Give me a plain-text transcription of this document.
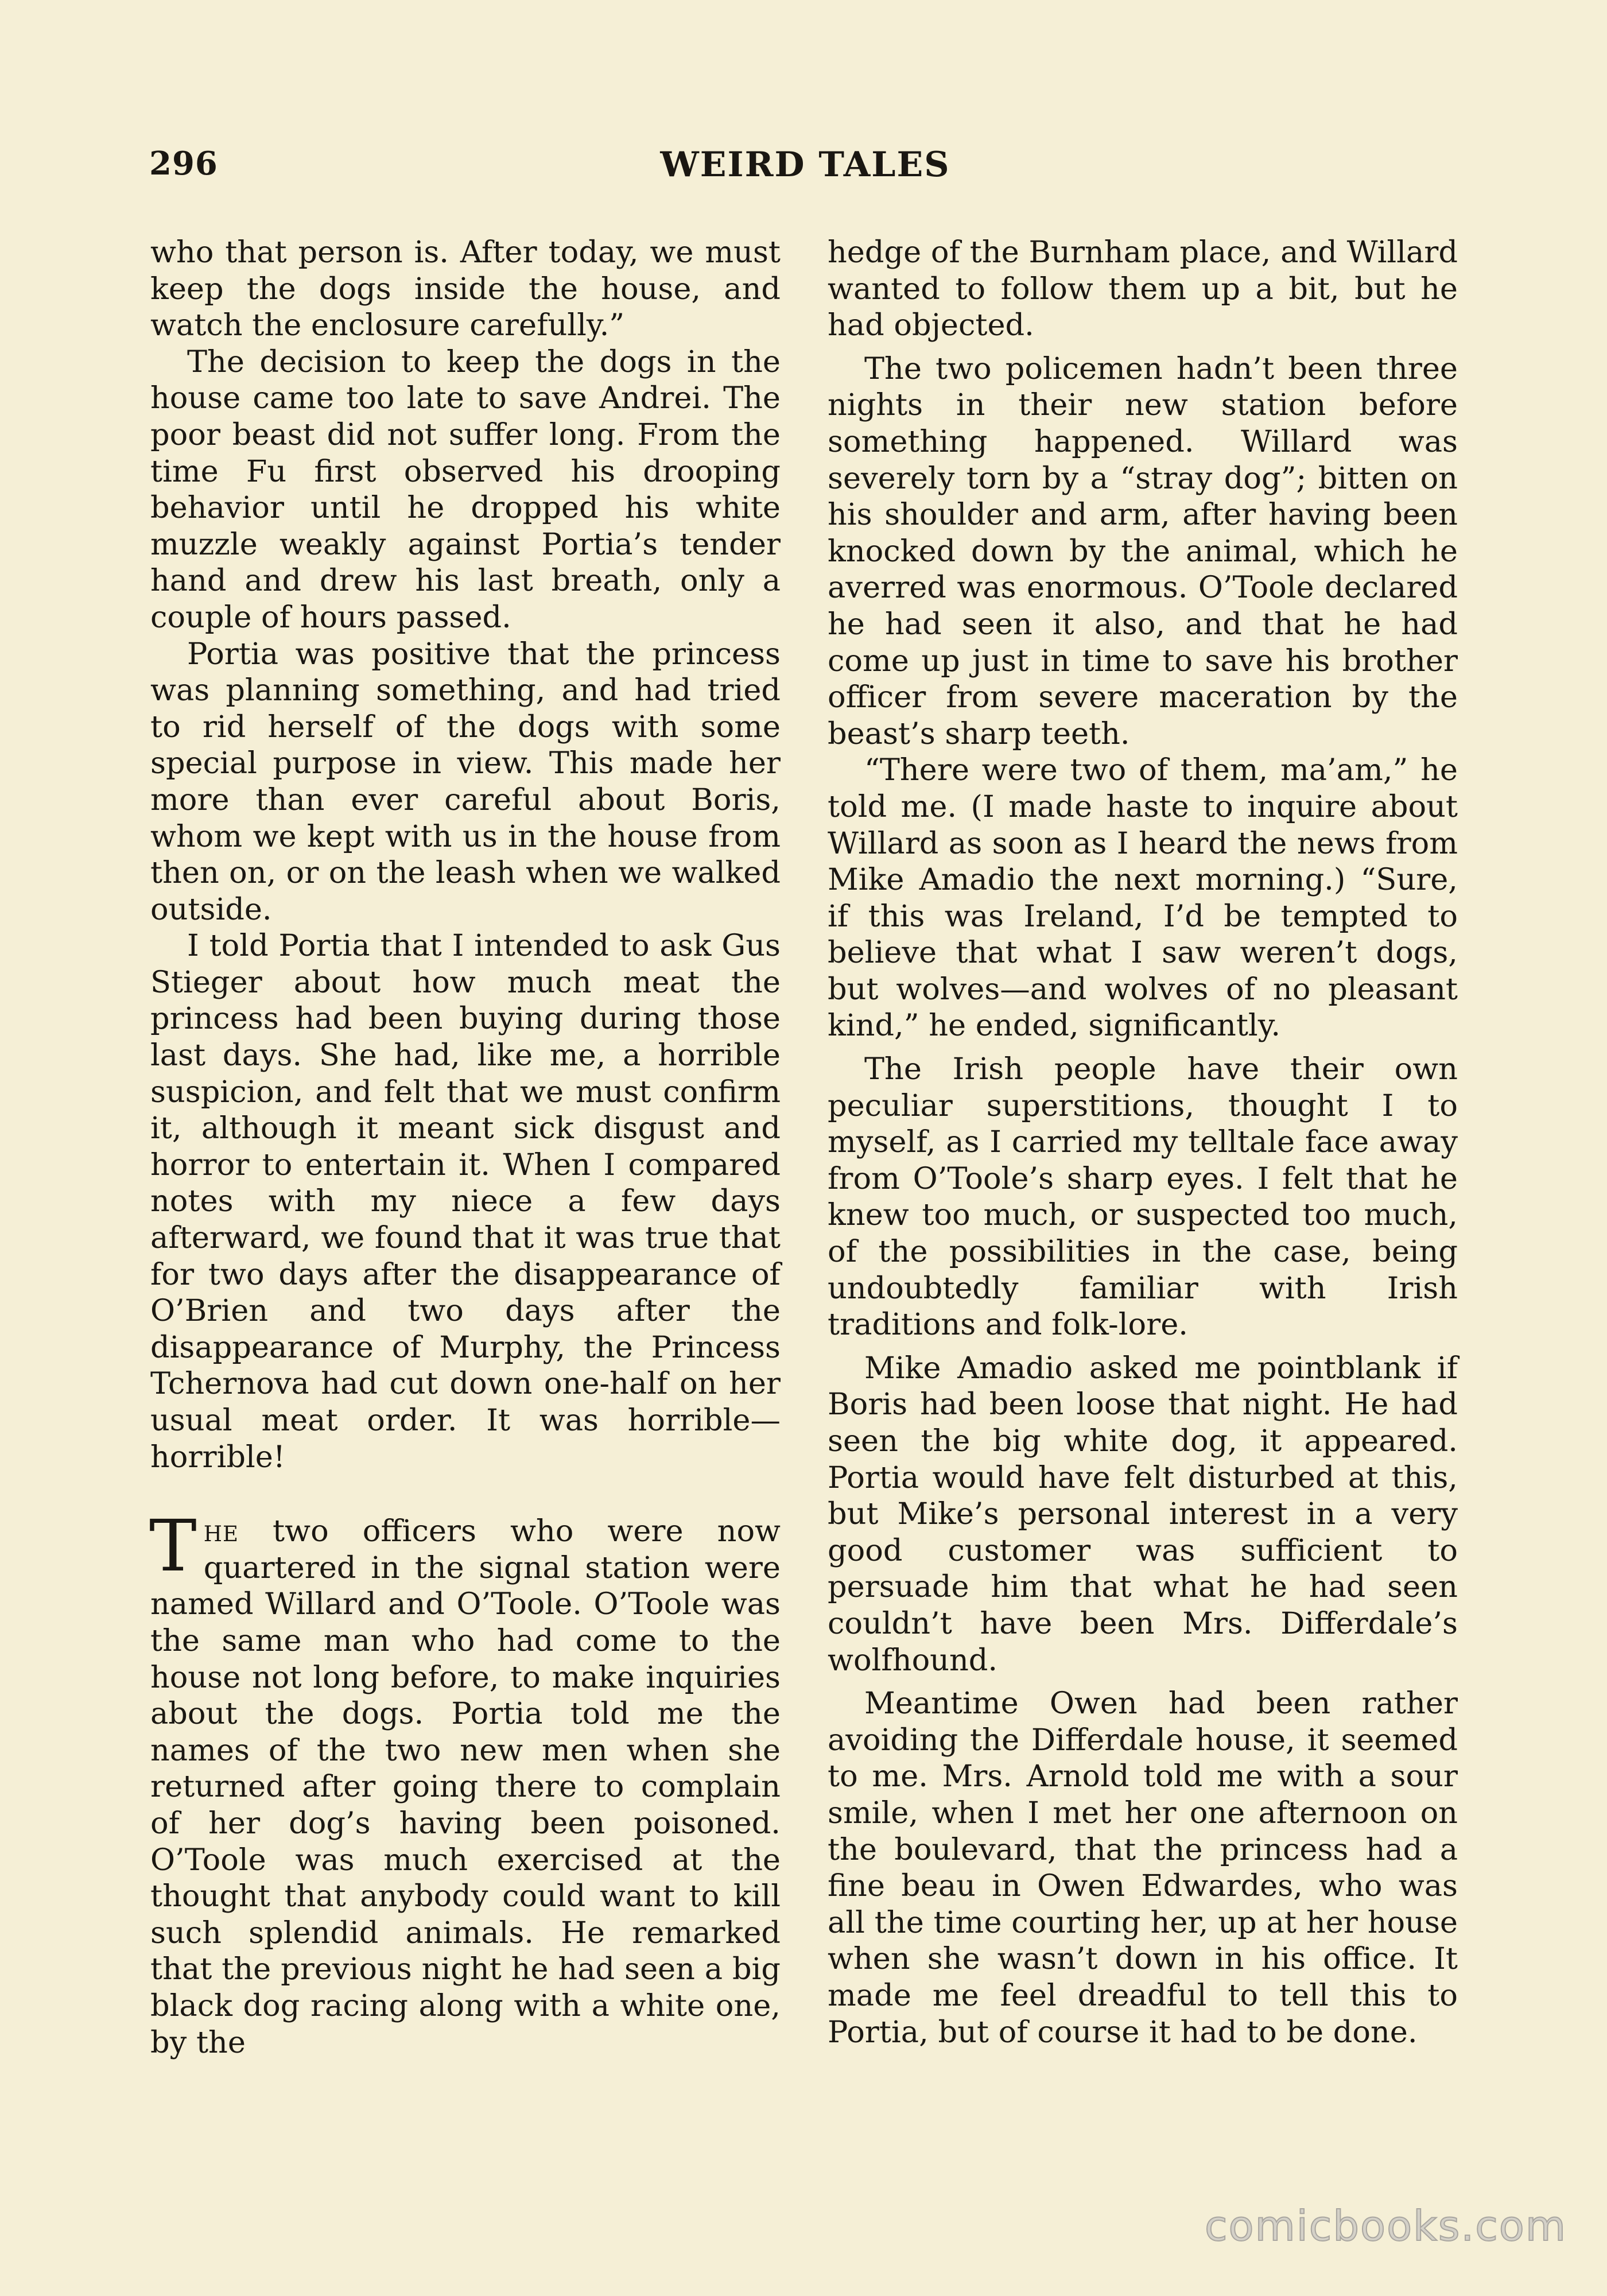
296	WEIRD TALES

who that person is. After today, we must keep the dogs inside the house, and watch the enclosure carefully.”

The decision to keep the dogs in the house came too late to save Andrei. The poor beast did not suffer long. From the time Fu first observed his drooping behavior until he dropped his white muzzle weakly against Portia’s tender hand and drew his last breath, only a couple of hours passed.

Portia was positive that the princess was planning something, and had tried to rid herself of the dogs with some special purpose in view. This made her more than ever careful about Boris, whom we kept with us in the house from then on, or on the leash when we walked outside.

I told Portia that I intended to ask Gus Stieger about how much meat the princess had been buying during those last days. She had, like me, a horrible suspicion, and felt that we must confirm it, although it meant sick disgust and horror to entertain it. When I compared notes with my niece a few days afterward, we found that it was true that for two days after the disappearance of O’Brien and two days after the disappearance of Murphy, the Princess Tchernova had cut down one-half on her usual meat order. It was horrible—horrible!

The two officers who were now quartered in the signal station were named Willard and O’Toole. O’Toole was the same man who had come to the house not long before, to make inquiries about the dogs. Portia told me the names of the two new men when she returned after going there to complain of her dog’s having been poisoned. O’Toole was much exercised at the thought that anybody could want to kill such splendid animals. He remarked that the previous night he had seen a big black dog racing along with a white one, by the

hedge of the Burnham place, and Willard wanted to follow them up a bit, but he had objected.

The two policemen hadn’t been three nights in their new station before something happened. Willard was severely torn by a “stray dog”; bitten on his shoulder and arm, after having been knocked down by the animal, which he averred was enormous. O’Toole declared he had seen it also, and that he had come up just in time to save his brother officer from severe maceration by the beast’s sharp teeth.

“There were two of them, ma’am,” he told me. (I made haste to inquire about Willard as soon as I heard the news from Mike Amadio the next morning.) “Sure, if this was Ireland, I’d be tempted to believe that what I saw weren’t dogs, but wolves—and wolves of no pleasant kind,” he ended, significantly.

The Irish people have their own peculiar superstitions, thought I to myself, as I carried my telltale face away from O’Toole’s sharp eyes. I felt that he knew too much, or suspected too much, of the possibilities in the case, being undoubtedly familiar with Irish traditions and folk-lore.

Mike Amadio asked me pointblank if Boris had been loose that night. He had seen the big white dog, it appeared. Portia would have felt disturbed at this, but Mike’s personal interest in a very good customer was sufficient to persuade him that what he had seen couldn’t have been Mrs. Differdale’s wolfhound.

Meantime Owen had been rather avoiding the Differdale house, it seemed to me. Mrs. Arnold told me with a sour smile, when I met her one afternoon on the boulevard, that the princess had a fine beau in Owen Edwardes, who was all the time courting her, up at her house when she wasn’t down in his office. It made me feel dreadful to tell this to Portia, but of course it had to be done.

comicbooks.com
